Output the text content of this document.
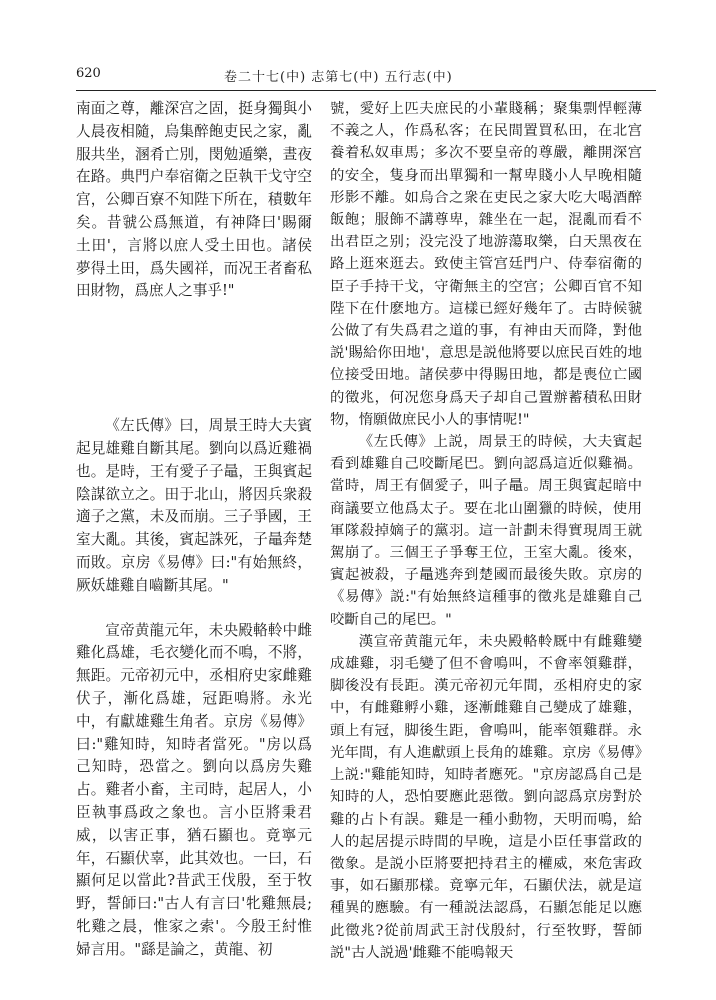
620	卷二十七(中) 志第七(中) 五行志(中)

南面之尊，離深宫之固，挺身獨與小人晨夜相隨，烏集醉飽吏民之家，亂服共坐，溷肴亡別，閔勉遁樂，晝夜在路。典門户奉宿衛之臣執干戈守空宫，公卿百寮不知陛下所在，積數年矣。昔虢公爲無道，有神降曰'賜爾土田'，言將以庶人受土田也。諸侯夢得土田，爲失國祥，而况王者畜私田財物，爲庶人之事乎!"

《左氏傳》曰，周景王時大夫賓起見雄雞自斷其尾。劉向以爲近雞禍也。是時，王有愛子子鼂，王與賓起陰謀欲立之。田于北山，將因兵衆殺適子之黨，未及而崩。三子爭國，王室大亂。其後，賓起誅死，子鼂奔楚而敗。京房《易傳》曰:"有始無終，厥妖雄雞自嚙斷其尾。"

宣帝黄龍元年，未央殿輅軨中雌雞化爲雄，毛衣變化而不鳴，不將，無距。元帝初元中，丞相府史家雌雞伏子，漸化爲雄，冠距鳴將。永光中，有獻雄雞生角者。京房《易傳》曰:"雞知時，知時者當死。"房以爲己知時，恐當之。劉向以爲房失雞占。雞者小畜，主司時，起居人，小臣執事爲政之象也。言小臣將秉君威，以害正事，猶石顯也。竟寧元年，石顯伏辜，此其效也。一曰，石顯何足以當此?昔武王伐殷，至于牧野，誓師曰:"古人有言曰'牝雞無晨;牝雞之晨，惟家之索'。今殷王紂惟婦言用。"繇是論之，黄龍、初

號，愛好上匹夫庶民的小輩賤稱；聚集剽悍輕薄不義之人，作爲私客；在民間置買私田，在北宫養着私奴車馬；多次不要皇帝的尊嚴，離開深宫的安全，隻身而出單獨和一幫卑賤小人早晚相隨形影不離。如烏合之衆在吏民之家大吃大喝酒醉飯飽；服飾不講尊卑，雜坐在一起，混亂而看不出君臣之别；没完没了地游蕩取樂，白天黑夜在路上逛來逛去。致使主管宫廷門户、侍奉宿衛的臣子手持干戈，守衛無主的空宫；公卿百官不知陛下在什麽地方。這樣已經好幾年了。古時候虢公做了有失爲君之道的事，有神由天而降，對他説'賜給你田地'，意思是説他將要以庶民百姓的地位接受田地。諸侯夢中得賜田地，都是喪位亡國的徵兆，何况您身爲天子却自己置辦蓄積私田財物，惰願做庶民小人的事情呢!"

《左氏傳》上説，周景王的時候，大夫賓起看到雄雞自己咬斷尾巴。劉向認爲這近似雞禍。當時，周王有個愛子，叫子鼂。周王與賓起暗中商議要立他爲太子。要在北山圍獵的時候，使用軍隊殺掉嫡子的黨羽。這一計劃未得實現周王就駕崩了。三個王子爭奪王位，王室大亂。後來，賓起被殺，子鼂逃奔到楚國而最後失敗。京房的《易傳》説:"有始無終這種事的徵兆是雄雞自己咬斷自己的尾巴。"

漢宣帝黄龍元年，未央殿輅軨厩中有雌雞變成雄雞，羽毛變了但不會鳴叫，不會率領雞群，脚後没有長距。漢元帝初元年間，丞相府史的家中，有雌雞孵小雞，逐漸雌雞自己變成了雄雞，頭上有冠，脚後生距，會鳴叫，能率領雞群。永光年間，有人進獻頭上長角的雄雞。京房《易傳》上説:"雞能知時，知時者應死。"京房認爲自己是知時的人，恐怕要應此惡徵。劉向認爲京房對於雞的占卜有誤。雞是一種小動物，天明而鳴，給人的起居提示時間的早晚，這是小臣任事當政的徵象。是説小臣將要把持君主的權威，來危害政事，如石顯那樣。竟寧元年，石顯伏法，就是這種異的應驗。有一種説法認爲，石顯怎能足以應此徵兆?從前周武王討伐殷紂，行至牧野，誓師説"古人説過'雌雞不能鳴報天
